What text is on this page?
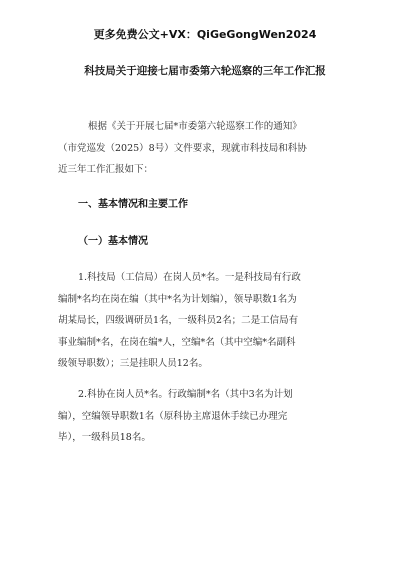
更多免费公文+VX：QiGeGongWen2024
科技局关于迎接七届市委第六轮巡察的三年工作汇报
根据《关于开展七届*市委第六轮巡察工作的通知》
（市党巡发（2025）8号）文件要求，现就市科技局和科协
近三年工作汇报如下：
一、基本情况和主要工作
（一）基本情况
1.科技局（工信局）在岗人员*名。一是科技局有行政
编制*名均在岗在编（其中*名为计划编），领导职数1名为
胡某局长，四级调研员1名，一级科员2名；二是工信局有
事业编制*名，在岗在编*人，空编*名（其中空编*名副科
级领导职数）；三是挂职人员12名。
2.科协在岗人员*名。行政编制*名（其中3名为计划
编），空编领导职数1名（原科协主席退休手续已办理完
毕），一级科员18名。
